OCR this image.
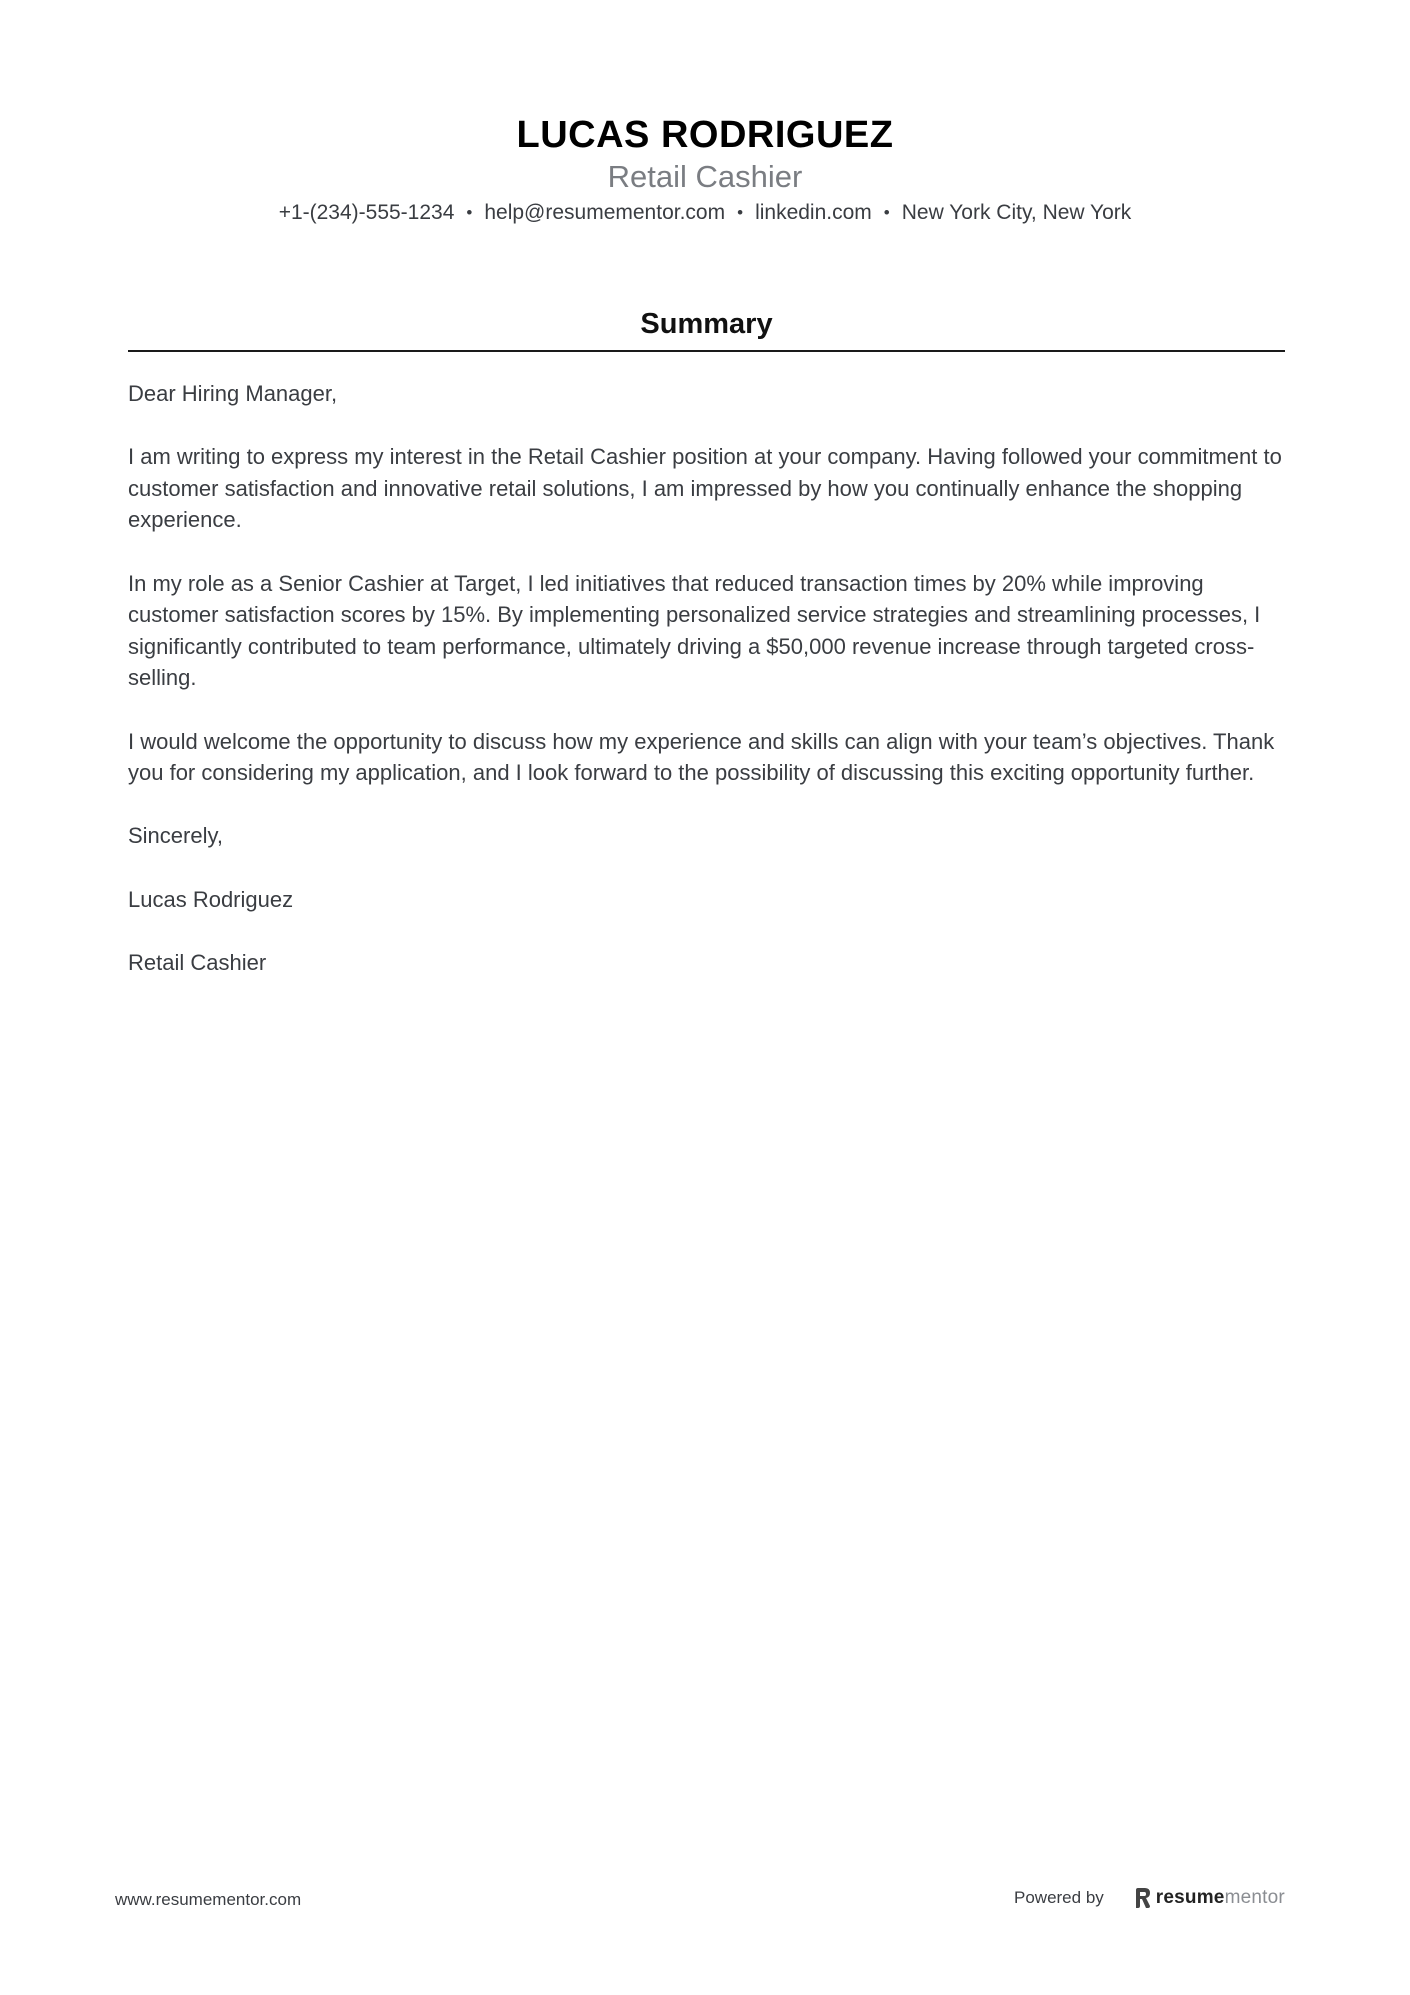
LUCAS RODRIGUEZ
Retail Cashier
+1-(234)-555-1234 • help@resumementor.com • linkedin.com • New York City, New York
Summary

Dear Hiring Manager,

I am writing to express my interest in the Retail Cashier position at your company. Having followed your commitment to customer satisfaction and innovative retail solutions, I am impressed by how you continually enhance the shopping experience.

In my role as a Senior Cashier at Target, I led initiatives that reduced transaction times by 20% while improving customer satisfaction scores by 15%. By implementing personalized service strategies and streamlining processes, I significantly contributed to team performance, ultimately driving a $50,000 revenue increase through targeted cross-selling.

I would welcome the opportunity to discuss how my experience and skills can align with your team’s objectives. Thank you for considering my application, and I look forward to the possibility of discussing this exciting opportunity further.

Sincerely,

Lucas Rodriguez

Retail Cashier

www.resumementor.com	Powered by	resumementor
